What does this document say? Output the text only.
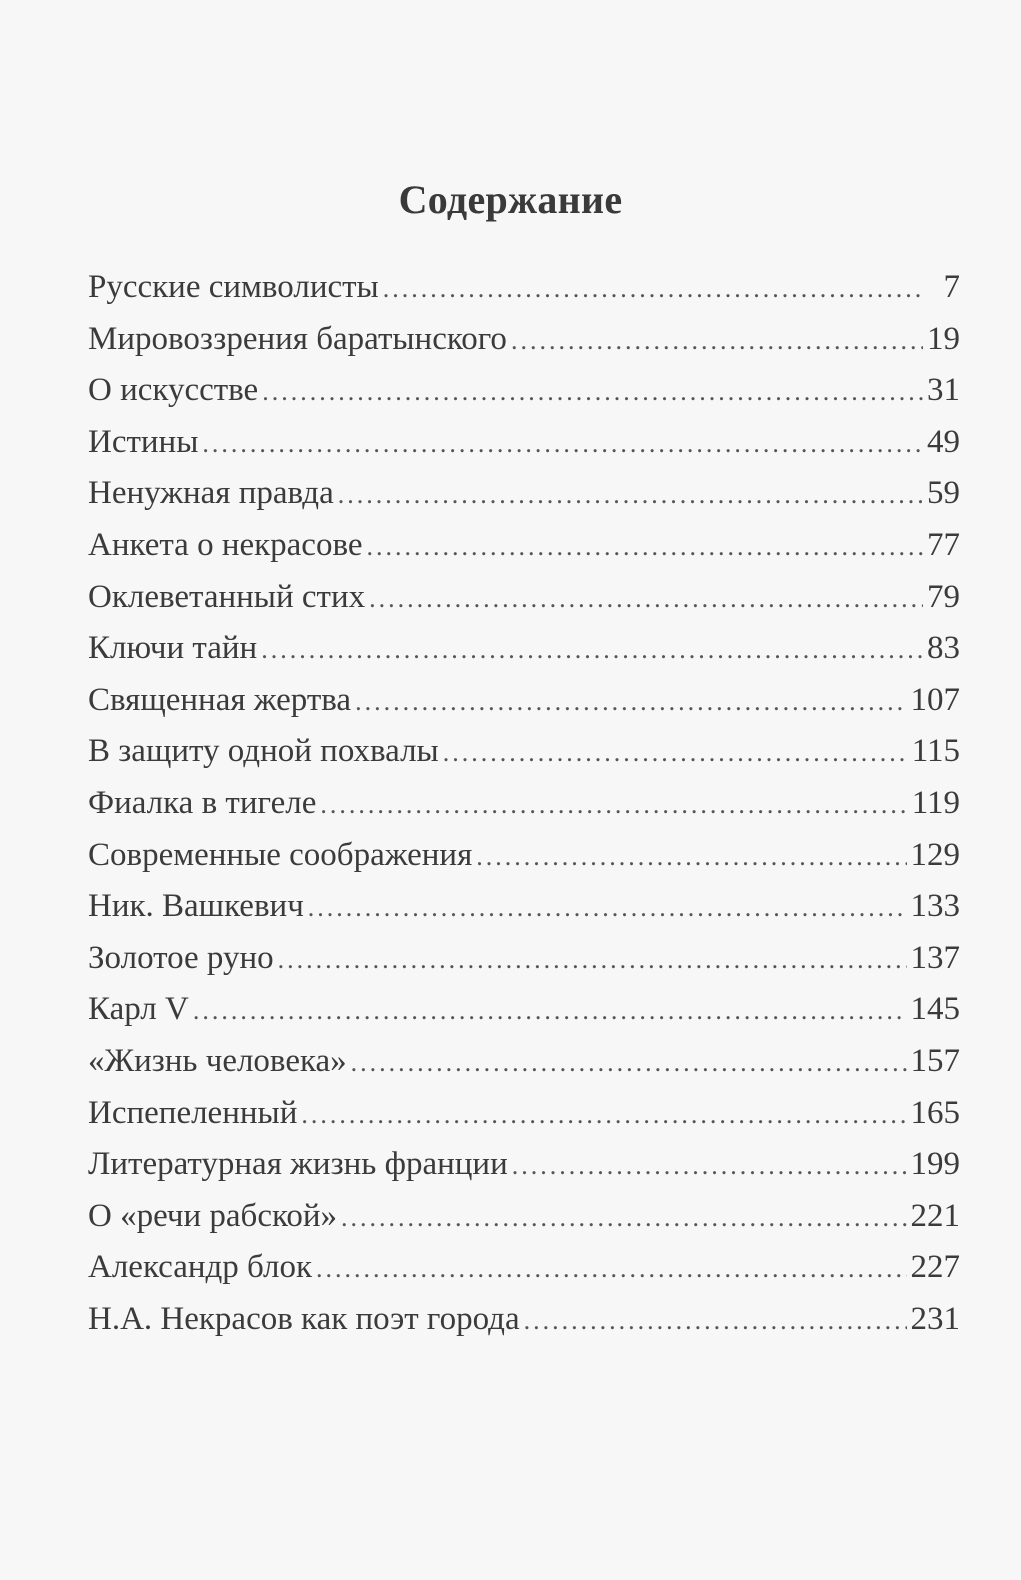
Содержание
Русские символисты .....	7
Мировоззрения баратынского .....	19
О искусстве .....	31
Истины .....	49
Ненужная правда .....	59
Анкета о некрасове .....	77
Оклеветанный стих .....	79
Ключи тайн .....	83
Священная жертва .....	107
В защиту одной похвалы .....	115
Фиалка в тигеле .....	119
Современные соображения .....	129
Ник. Вашкевич .....	133
Золотое руно .....	137
Карл V .....	145
«Жизнь человека» .....	157
Испепеленный .....	165
Литературная жизнь франции .....	199
О «речи рабской» .....	221
Александр блок .....	227
Н.А. Некрасов как поэт города .....	231
